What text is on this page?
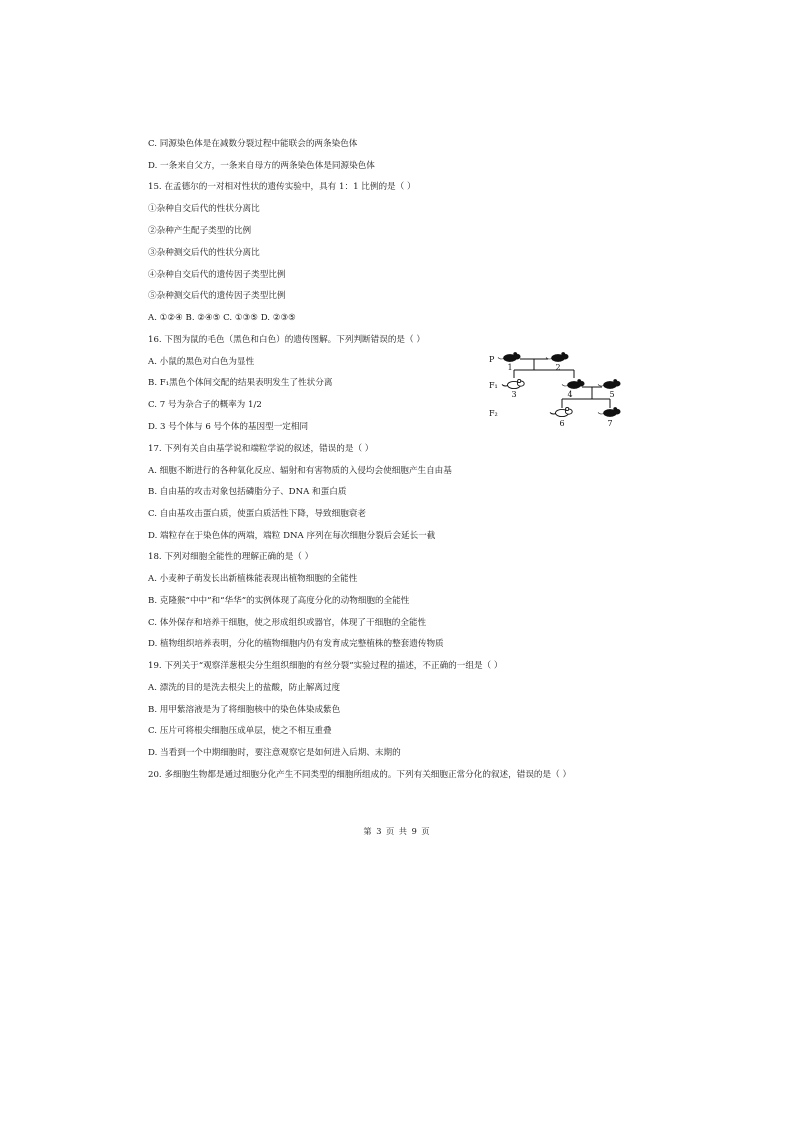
C. 同源染色体是在减数分裂过程中能联会的两条染色体

D. 一条来自父方，一条来自母方的两条染色体是同源染色体

15. 在孟德尔的一对相对性状的遗传实验中，具有 1：1 比例的是（ ）

①杂种自交后代的性状分离比

②杂种产生配子类型的比例

③杂种测交后代的性状分离比

④杂种自交后代的遗传因子类型比例

⑤杂种测交后代的遗传因子类型比例

A. ①②④ B. ②④⑤ C. ①③⑤ D. ②③⑤

16. 下图为鼠的毛色（黑色和白色）的遗传图解。下列判断错误的是（ ）

A. 小鼠的黑色对白色为显性

B. F₁黑色个体间交配的结果表明发生了性状分离

C. 7 号为杂合子的概率为 1/2

D. 3 号个体与 6 号个体的基因型一定相同

17. 下列有关自由基学说和端粒学说的叙述，错误的是（ ）

A. 细胞不断进行的各种氧化反应、辐射和有害物质的入侵均会使细胞产生自由基

B. 自由基的攻击对象包括磷脂分子、DNA 和蛋白质

C. 自由基攻击蛋白质，使蛋白质活性下降，导致细胞衰老

D. 端粒存在于染色体的两端，端粒 DNA 序列在每次细胞分裂后会延长一截

18. 下列对细胞全能性的理解正确的是（ ）

A. 小麦种子萌发长出新植株能表现出植物细胞的全能性

B. 克隆猴“中中”和“华华”的实例体现了高度分化的动物细胞的全能性

C. 体外保存和培养干细胞，使之形成组织或器官，体现了干细胞的全能性

D. 植物组织培养表明，分化的植物细胞内仍有发育成完整植株的整套遗传物质

19. 下列关于“观察洋葱根尖分生组织细胞的有丝分裂”实验过程的描述，不正确的一组是（ ）

A. 漂洗的目的是洗去根尖上的盐酸，防止解离过度

B. 用甲紫溶液是为了将细胞核中的染色体染成紫色

C. 压片可将根尖细胞压成单层，使之不相互重叠

D. 当看到一个中期细胞时，要注意观察它是如何进入后期、末期的

20. 多细胞生物都是通过细胞分化产生不同类型的细胞所组成的。下列有关细胞正常分化的叙述，错误的是（ ）

第 3 页 共 9 页

P
F₁
F₂
1	2
3	4	5
6	7
